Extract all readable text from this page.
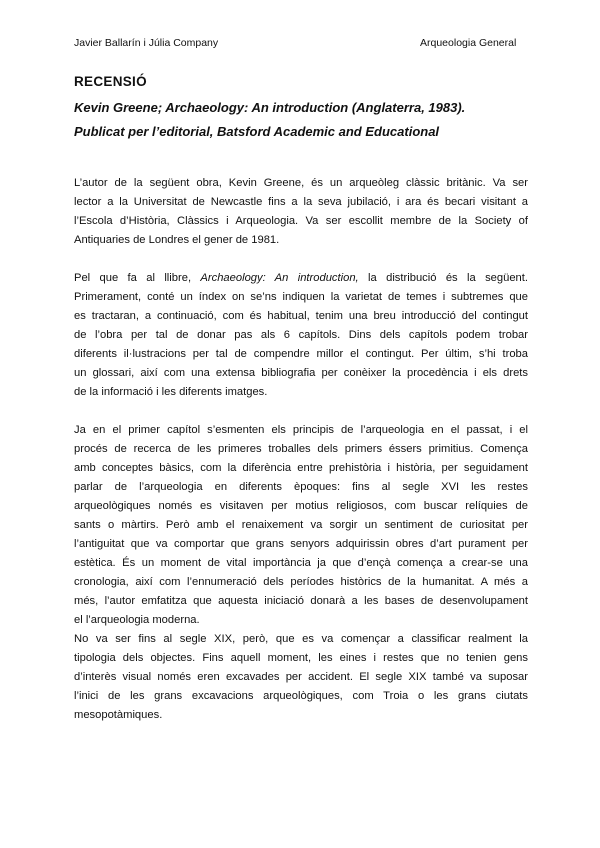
Javier Ballarín i Júlia Company	Arqueologia General
RECENSIÓ
Kevin Greene; Archaeology: An introduction (Anglaterra, 1983).
Publicat per l’editorial, Batsford Academic and Educational
L’autor de la següent obra, Kevin Greene, és un arqueòleg clàssic britànic. Va ser
lector a la Universitat de Newcastle fins a la seva jubilació, i ara és becari visitant a
l’Escola d’Història, Clàssics i Arqueologia. Va ser escollit membre de la Society of
Antiquaries de Londres el gener de 1981.
Pel que fa al llibre, Archaeology: An introduction, la distribució és la següent.
Primerament, conté un índex on se’ns indiquen la varietat de temes i subtremes que
es tractaran, a continuació, com és habitual, tenim una breu introducció del contingut
de l’obra per tal de donar pas als 6 capítols. Dins dels capítols podem trobar
diferents il·lustracions per tal de compendre millor el contingut. Per últim, s’hi troba
un glossari, així com una extensa bibliografia per conèixer la procedència i els drets
de la informació i les diferents imatges.
Ja en el primer capítol s’esmenten els principis de l’arqueologia en el passat, i el
procés de recerca de les primeres troballes dels primers éssers primitius. Comença
amb conceptes bàsics, com la diferència entre prehistòria i història, per seguidament
parlar de l’arqueologia en diferents èpoques: fins al segle XVI les restes
arqueològiques només es visitaven per motius religiosos, com buscar relíquies de
sants o màrtirs. Però amb el renaixement va sorgir un sentiment de curiositat per
l’antiguitat que va comportar que grans senyors adquirissin obres d’art purament per
estètica. És un moment de vital importància ja que d’ençà comença a crear-se una
cronologia, així com l’ennumeració dels períodes històrics de la humanitat. A més a
més, l’autor emfatitza que aquesta iniciació donarà a les bases de desenvolupament
el l’arqueologia moderna.
No va ser fins al segle XIX, però, que es va començar a classificar realment la
tipologia dels objectes. Fins aquell moment, les eines i restes que no tenien gens
d’interès visual només eren excavades per accident. El segle XIX també va suposar
l’inici de les grans excavacions arqueològiques, com Troia o les grans ciutats
mesopotàmiques.
